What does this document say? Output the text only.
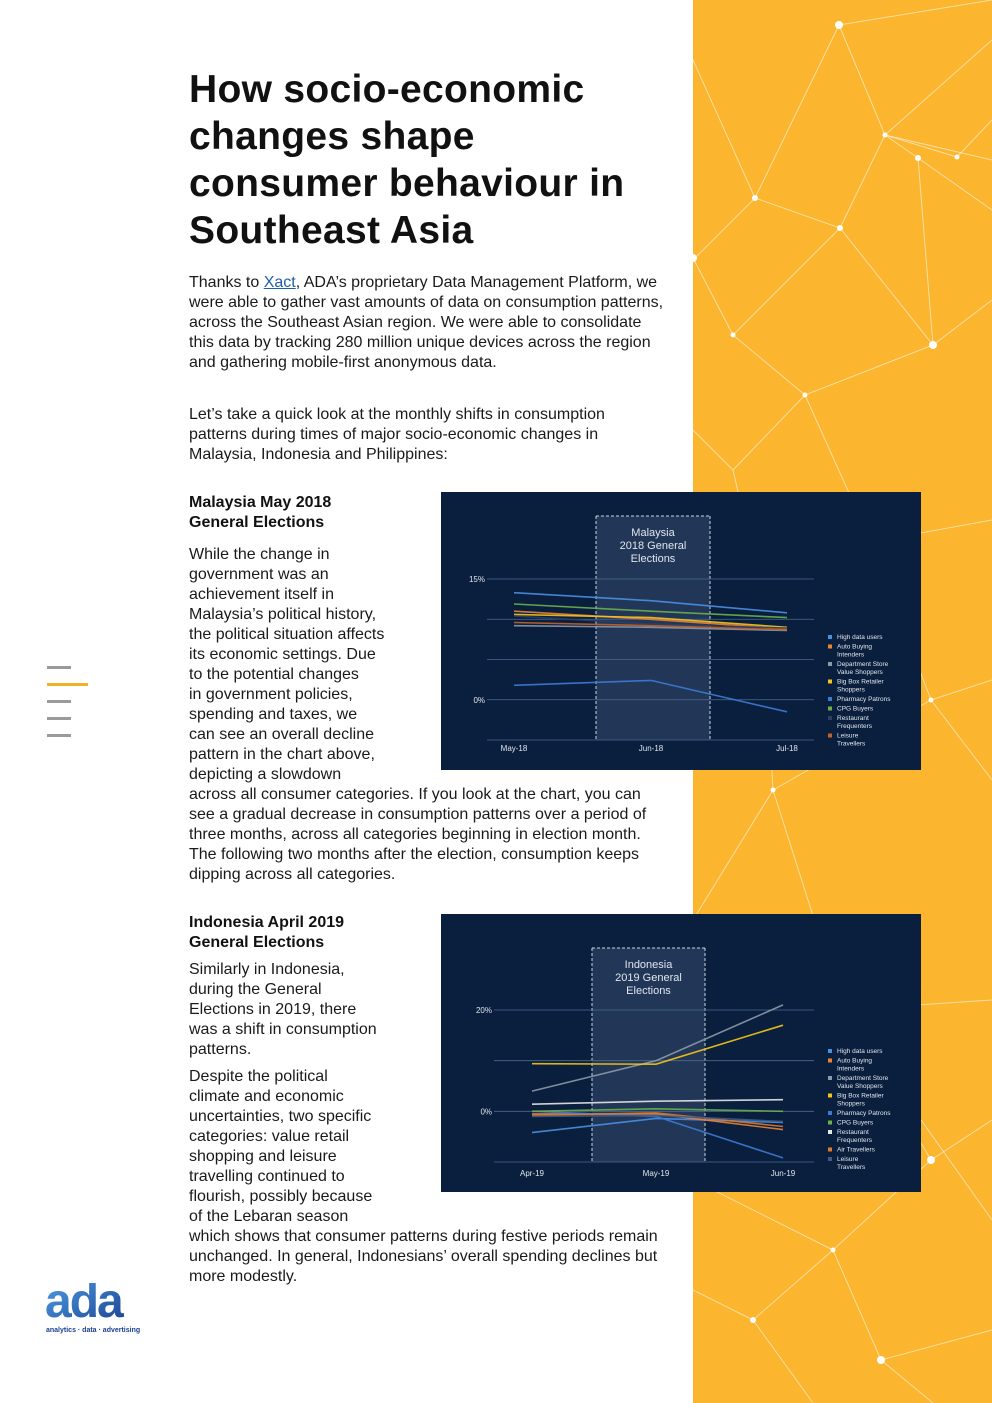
How socio-economic changes shape consumer behaviour in Southeast Asia

Thanks to Xact, ADA’s proprietary Data Management Platform, we were able to gather vast amounts of data on consumption patterns, across the Southeast Asian region. We were able to consolidate this data by tracking 280 million unique devices across the region and gathering mobile-first anonymous data.

Let’s take a quick look at the monthly shifts in consumption patterns during times of major socio-economic changes in Malaysia, Indonesia and Philippines:

Malaysia May 2018
General Elections

While the change in
government was an
achievement itself in
Malaysia’s political history,
the political situation affects
its economic settings. Due
to the potential changes
in government policies,
spending and taxes, we
can see an overall decline
pattern in the chart above,
depicting a slowdown

across all consumer categories. If you look at the chart, you can see a gradual decrease in consumption patterns over a period of three months, across all categories beginning in election month. The following two months after the election, consumption keeps dipping across all categories.

Malaysia
2018 General
Elections
15%
0%
May-18	Jun-18	Jul-18
High data users
Auto Buying
Intenders
Department Store
Value Shoppers
Big Box Retailer
Shoppers
Pharmacy Patrons
CPG Buyers
Restaurant
Frequenters
Leisure
Travellers

Indonesia April 2019
General Elections

Similarly in Indonesia,
during the General
Elections in 2019, there
was a shift in consumption
patterns.
Despite the political
climate and economic
uncertainties, two specific
categories: value retail
shopping and leisure
travelling continued to
flourish, possibly because
of the Lebaran season

which shows that consumer patterns during festive periods remain unchanged. In general, Indonesians’ overall spending declines but more modestly.

Indonesia
2019 General
Elections
20%
0%
Apr-19	May-19	Jun-19
High data users
Auto Buying
Intenders
Department Store
Value Shoppers
Big Box Retailer
Shoppers
Pharmacy Patrons
CPG Buyers
Restaurant
Frequenters
Air Travellers
Leisure
Travellers
ada
analytics · data · advertising
